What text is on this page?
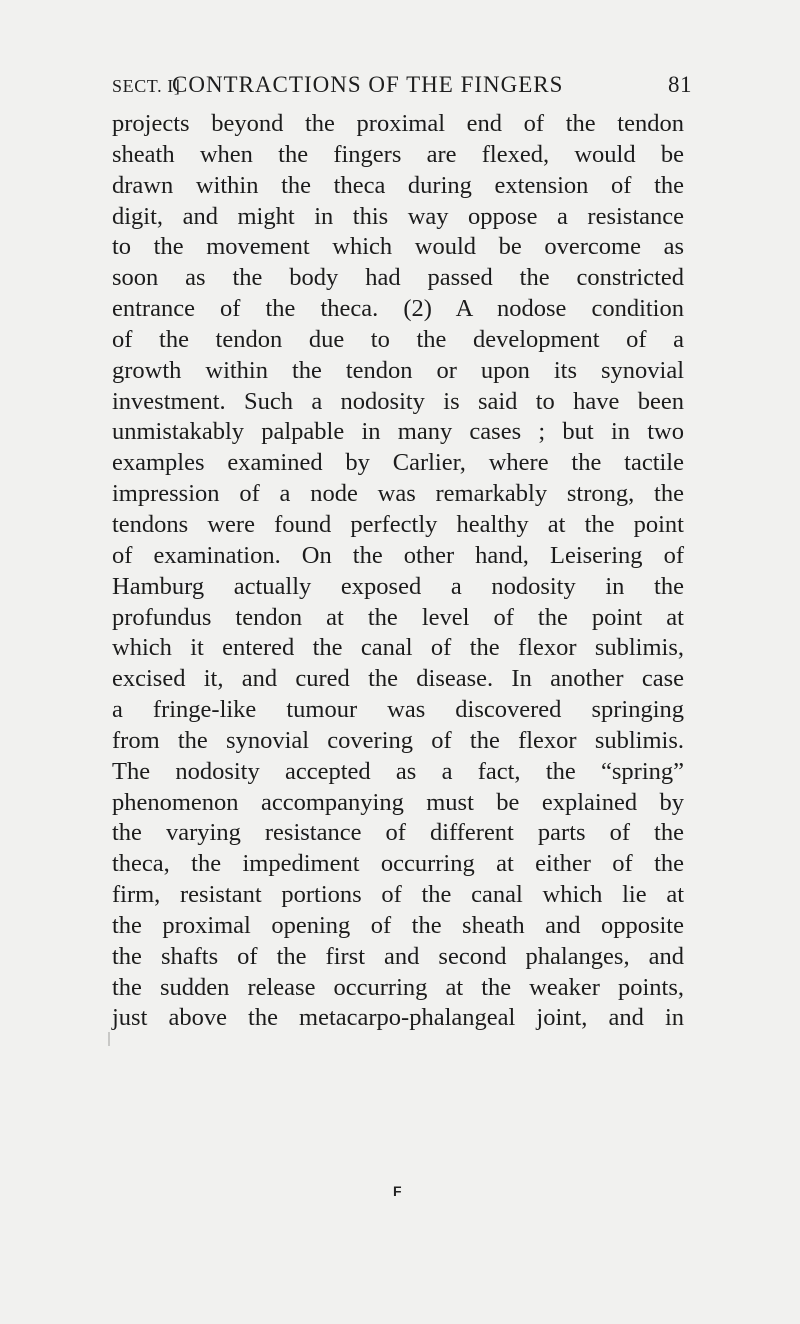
SECT. I]
CONTRACTIONS OF THE FINGERS	81
projects beyond the proximal end of the tendon
sheath when the fingers are flexed, would be
drawn within the theca during extension of the
digit, and might in this way oppose a resistance
to the movement which would be overcome as
soon as the body had passed the constricted
entrance of the theca. (2) A nodose condition
of the tendon due to the development of a
growth within the tendon or upon its synovial
investment. Such a nodosity is said to have been
unmistakably palpable in many cases ; but in two
examples examined by Carlier, where the tactile
impression of a node was remarkably strong, the
tendons were found perfectly healthy at the point
of examination. On the other hand, Leisering of
Hamburg actually exposed a nodosity in the
profundus tendon at the level of the point at
which it entered the canal of the flexor sublimis,
excised it, and cured the disease. In another case
a fringe-like tumour was discovered springing
from the synovial covering of the flexor sublimis.
The nodosity accepted as a fact, the “spring”
phenomenon accompanying must be explained by
the varying resistance of different parts of the
theca, the impediment occurring at either of the
firm, resistant portions of the canal which lie at
the proximal opening of the sheath and opposite
the shafts of the first and second phalanges, and
the sudden release occurring at the weaker points,
just above the metacarpo-phalangeal joint, and in
F
